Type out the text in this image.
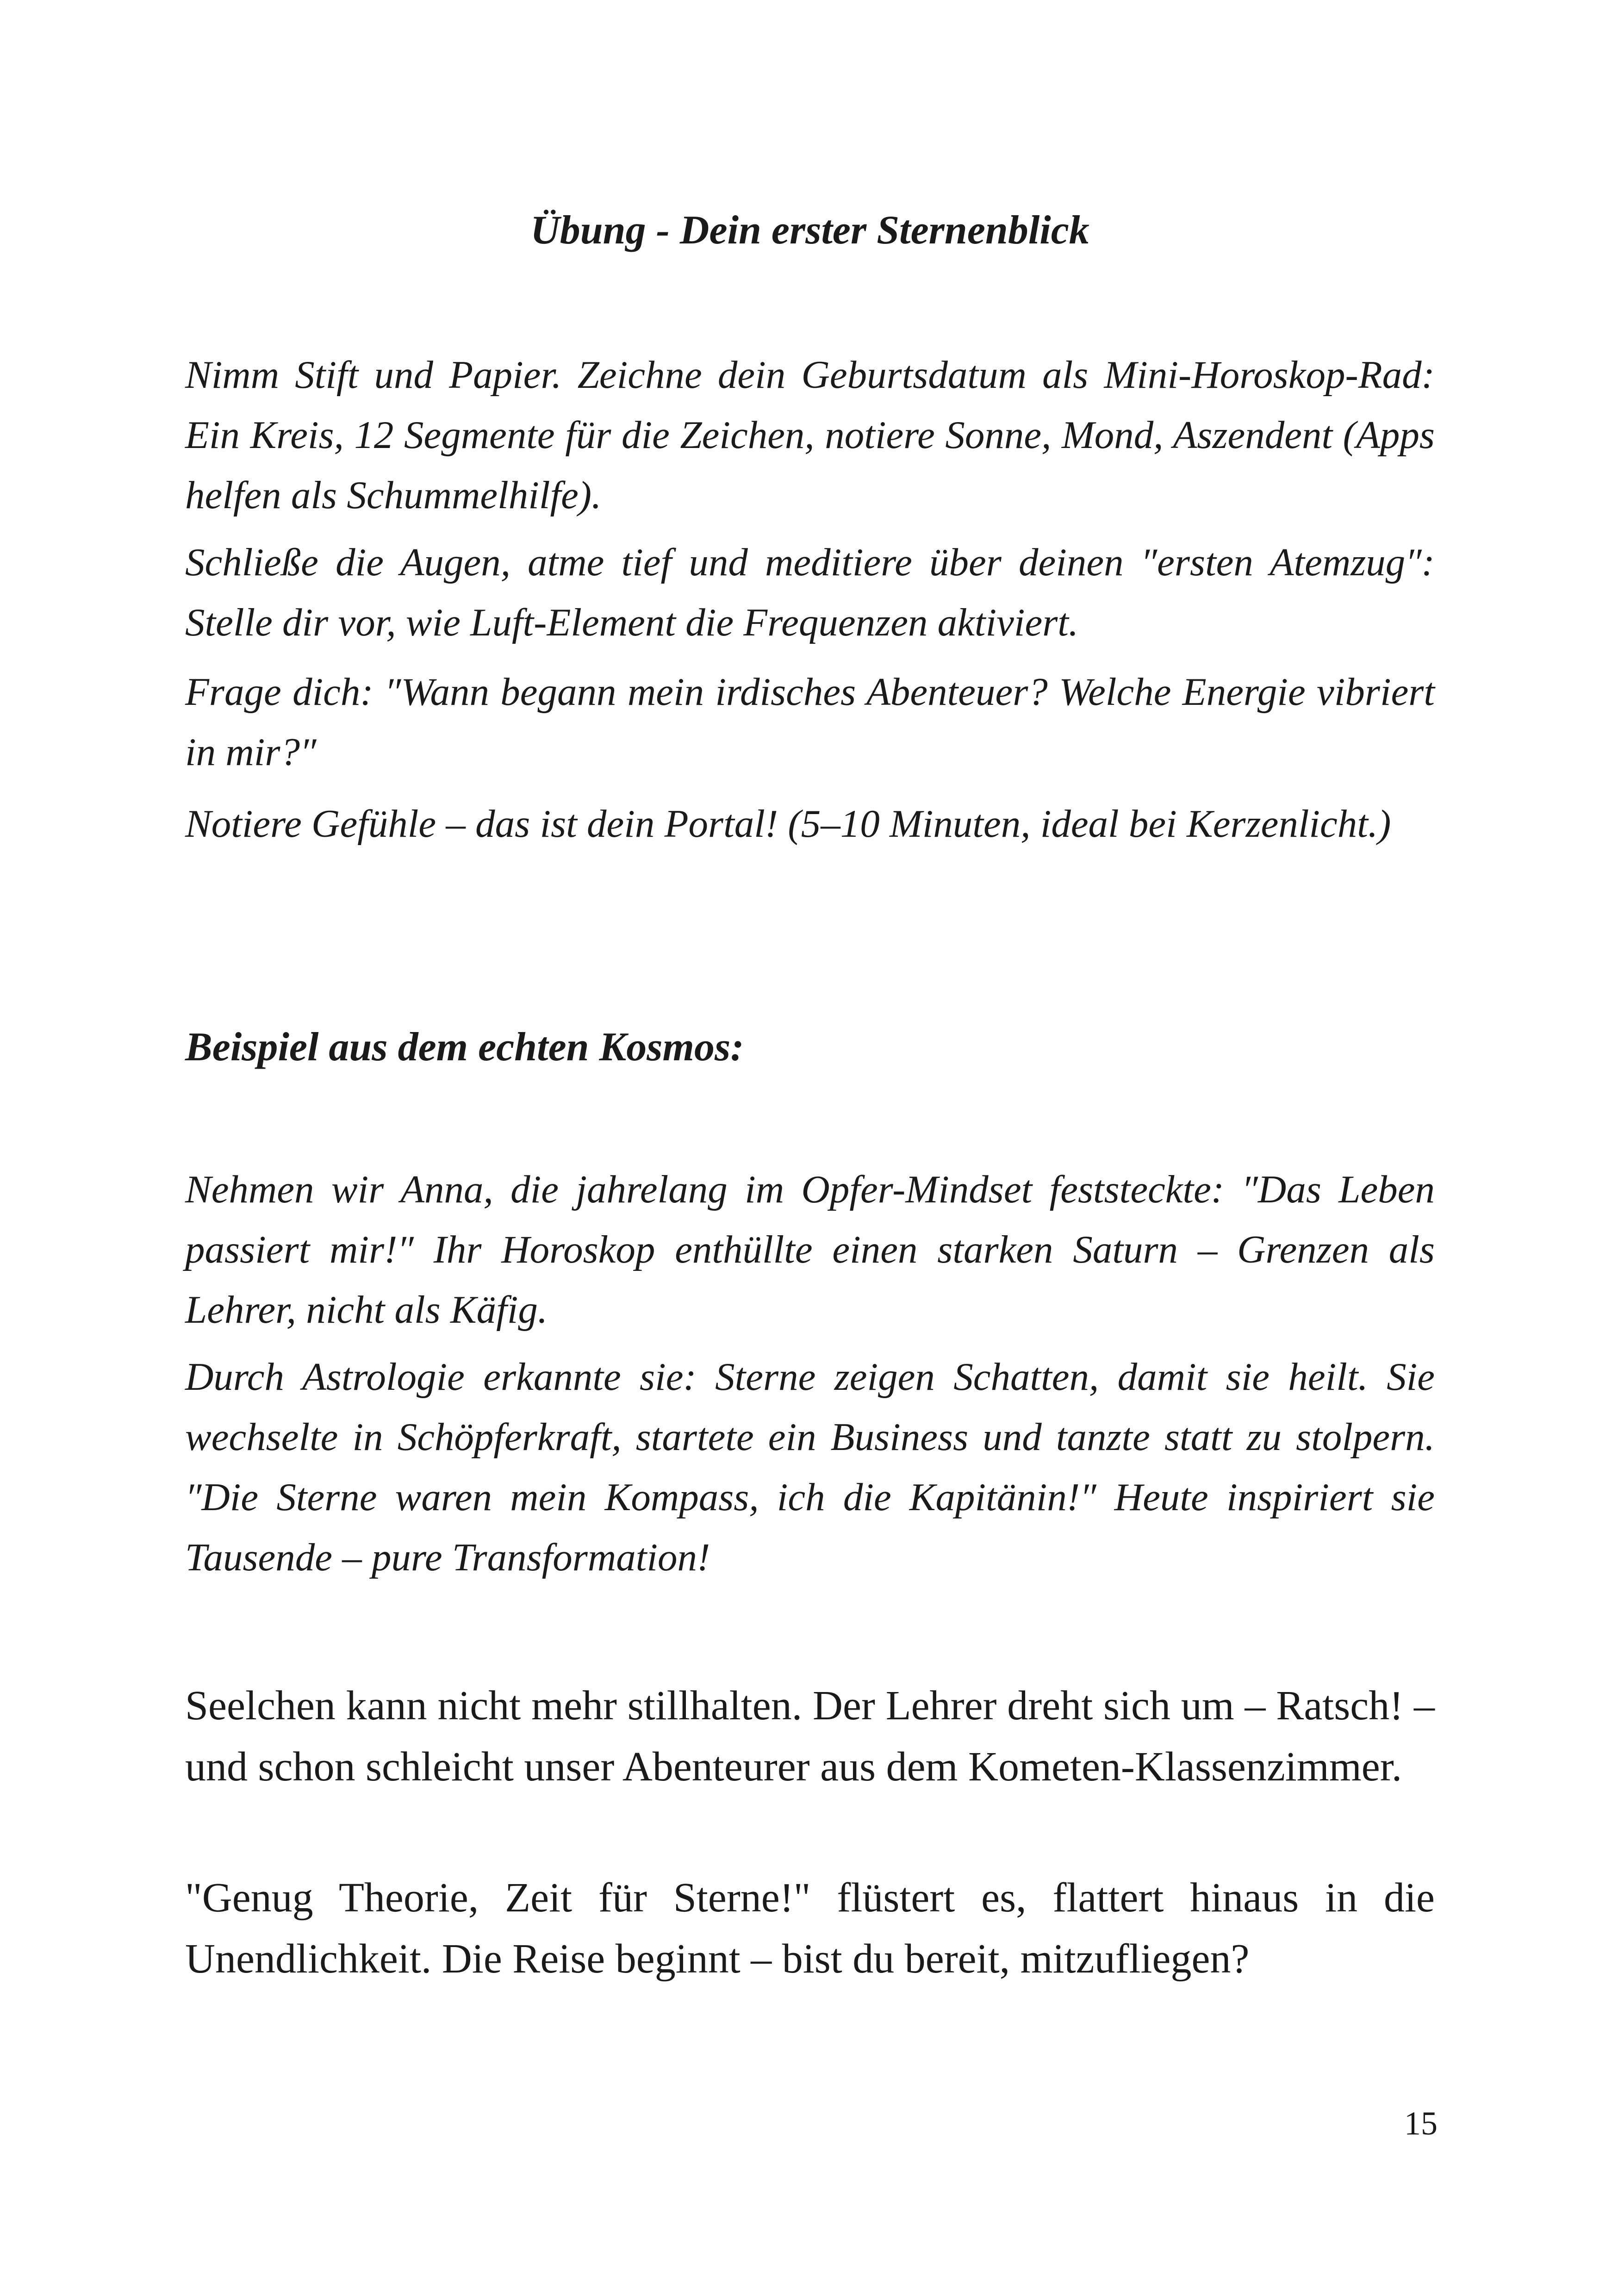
Übung - Dein erster Sternenblick

Nimm Stift und Papier. Zeichne dein Geburtsdatum als Mini-Horoskop-Rad: Ein Kreis, 12 Segmente für die Zeichen, notiere Sonne, Mond, Aszendent (Apps helfen als Schummelhilfe).

Schließe die Augen, atme tief und meditiere über deinen ″ersten Atemzug″: Stelle dir vor, wie Luft-Element die Frequenzen aktiviert.

Frage dich: ″Wann begann mein irdisches Abenteuer? Welche Energie vibriert in mir?″

Notiere Gefühle – das ist dein Portal! (5–10 Minuten, ideal bei Kerzenlicht.)

Beispiel aus dem echten Kosmos:

Nehmen wir Anna, die jahrelang im Opfer-Mindset feststeckte: ″Das Leben passiert mir!″ Ihr Horoskop enthüllte einen starken Saturn – Grenzen als Lehrer, nicht als Käfig.

Durch Astrologie erkannte sie: Sterne zeigen Schatten, damit sie heilt. Sie wechselte in Schöpferkraft, startete ein Business und tanzte statt zu stolpern. ″Die Sterne waren mein Kompass, ich die Kapitänin!″ Heute inspiriert sie Tausende – pure Transformation!

Seelchen kann nicht mehr stillhalten. Der Lehrer dreht sich um – Ratsch! – und schon schleicht unser Abenteurer aus dem Kometen-Klassenzimmer.

"Genug Theorie, Zeit für Sterne!" flüstert es, flattert hinaus in die Unendlichkeit. Die Reise beginnt – bist du bereit, mitzufliegen?

15
